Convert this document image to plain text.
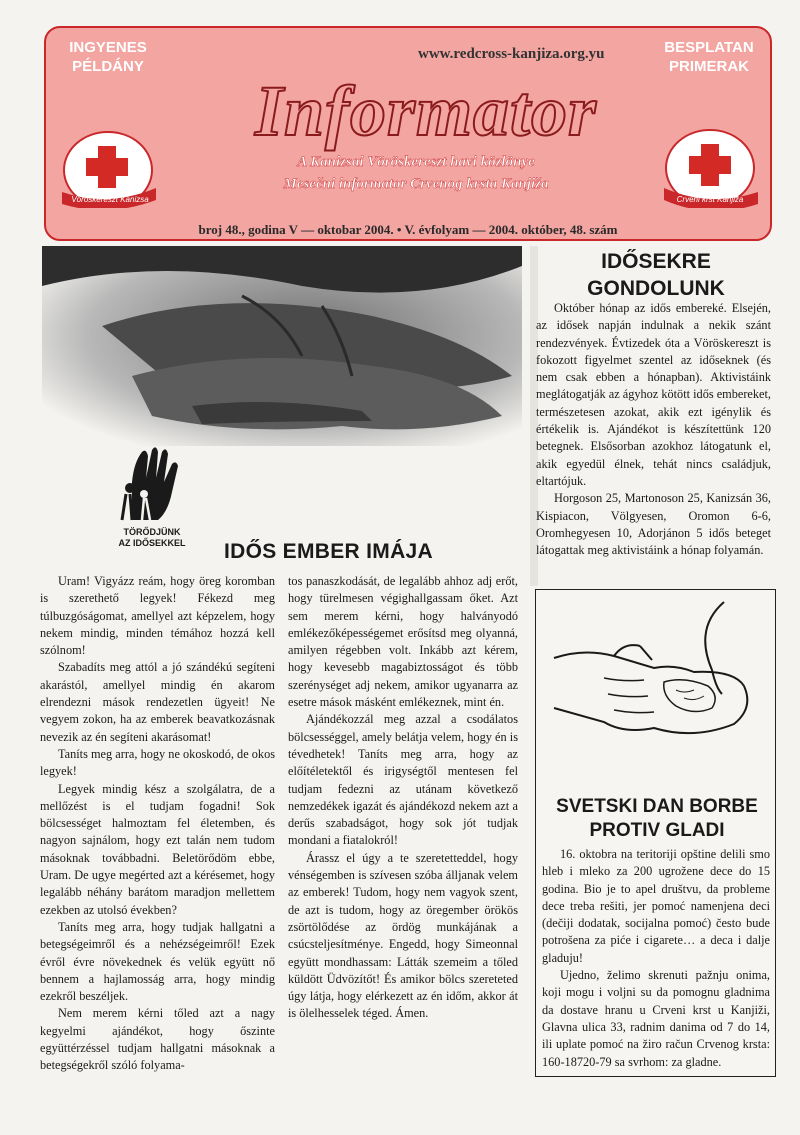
INGYENES PÉLDÁNY
www.redcross-kanjiza.org.yu	BESPLATAN PRIMERAK
Informator
A Kanizsai Vöröskereszt havi közlönye
Mesečni informator Crvenog krsta Kanjiža
Vöröskereszt Kanizsa	Crveni krst Kanjiža
broj 48., godina V — oktobar 2004. • V. évfolyam — 2004. október, 48. szám
TÖRŐDJÜNK
AZ IDŐSEKKEL	IDŐS EMBER IMÁJA

Uram! Vigyázz reám, hogy öreg koromban is szerethető legyek! Fékezd meg túlbuzgóságomat, amellyel azt képzelem, hogy nekem mindig, minden témához hozzá kell szólnom!

Szabadíts meg attól a jó szándékú segíteni akarástól, amellyel mindig én akarom elrendezni mások rendezetlen ügyeit! Ne vegyem zokon, ha az emberek beavatkozásnak nevezik az én segíteni akarásomat!

Taníts meg arra, hogy ne okoskodó, de okos legyek!

Legyek mindig kész a szolgálatra, de a mellőzést is el tudjam fogadni! Sok bölcsességet halmoztam fel életemben, és nagyon sajnálom, hogy ezt talán nem tudom másoknak továbbadni. Beletörődöm ebbe, Uram. De ugye megérted azt a kérésemet, hogy legalább néhány barátom maradjon mellettem ezekben az utolsó években?

Taníts meg arra, hogy tudjak hallgatni a betegségeimről és a nehézségeimről! Ezek évről évre növekednek és velük együtt nő bennem a hajlamosság arra, hogy mindig ezekről beszéljek.

Nem merem kérni tőled azt a nagy kegyelmi ajándékot, hogy őszinte együttérzéssel tudjam hallgatni másoknak a betegségekről szóló folyama-

tos panaszkodását, de legalább ahhoz adj erőt, hogy türelmesen végighallgassam őket. Azt sem merem kérni, hogy halványodó emlékezőképességemet erősítsd meg olyanná, amilyen régebben volt. Inkább azt kérem, hogy kevesebb magabiztosságot és több szerénységet adj nekem, amikor ugyanarra az esetre mások másként emlékeznek, mint én.

Ajándékozzál meg azzal a csodálatos bölcsességgel, amely belátja velem, hogy én is tévedhetek! Taníts meg arra, hogy az előítéletektől és irigységtől mentesen fel tudjam fedezni az utánam következő nemzedékek igazát és ajándékozd nekem azt a derűs szabadságot, hogy sok jót tudjak mondani a fiatalokról!

Árassz el úgy a te szeretetteddel, hogy vénségemben is szívesen szóba álljanak velem az emberek! Tudom, hogy nem vagyok szent, de azt is tudom, hogy az öregember örökös zsörtölődése az ördög munkájának a csúcsteljesítménye. Engedd, hogy Simeonnal együtt mondhassam: Látták szemeim a tőled küldött Üdvözítőt! És amikor bölcs szereteted úgy látja, hogy elérkezett az én időm, akkor át is ölelhesselek téged. Ámen.

IDŐSEKRE GONDOLUNK

Október hónap az idős embereké. Elsején, az idősek napján indulnak a nekik szánt rendezvények. Évtizedek óta a Vöröskereszt is fokozott figyelmet szentel az időseknek (és nem csak ebben a hónapban). Aktivistáink meglátogatják az ágyhoz kötött idős embereket, természetesen azokat, akik ezt igénylik és értékelik is. Ajándékot is készítettünk 120 betegnek. Elsősorban azokhoz látogatunk el, akik egyedül élnek, tehát nincs családjuk, eltartójuk.

Horgoson 25, Martonoson 25, Kanizsán 36, Kispiacon, Völgyesen, Oromon 6-6, Oromhegyesen 10, Adorjánon 5 idős beteget látogattak meg aktivistáink a hónap folyamán.

SVETSKI DAN BORBE PROTIV GLADI

16. oktobra na teritoriji opštine delili smo hleb i mleko za 200 ugrožene dece do 15 godina. Bio je to apel društvu, da probleme dece treba rešiti, jer pomoć namenjena deci (dečiji dodatak, socijalna pomoć) često bude potrošena za piće i cigarete… a deca i dalje gladuju!

Ujedno, želimo skrenuti pažnju onima, koji mogu i voljni su da pomognu gladnima da dostave hranu u Crveni krst u Kanjiži, Glavna ulica 33, radnim danima od 7 do 14, ili uplate pomoć na žiro račun Crvenog krsta: 160-18720-79 sa svrhom: za gladne.
